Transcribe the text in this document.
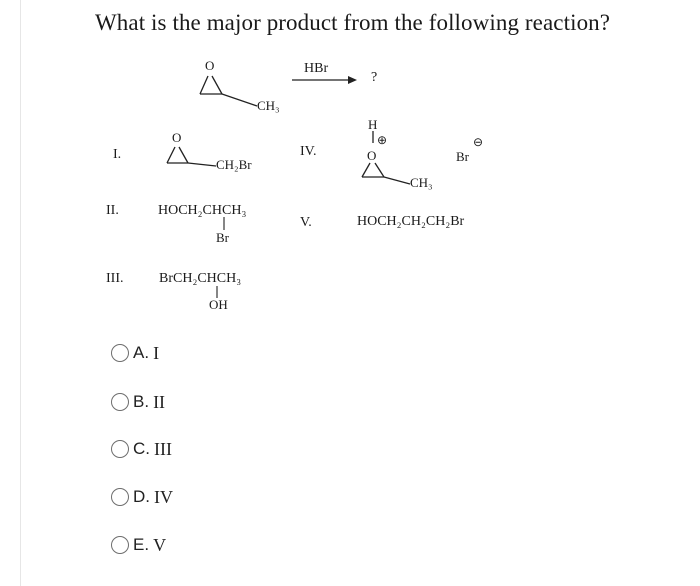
What is the major product from the following reaction?
O
CH₃
HBr
?
I.
O
CH₂Br
II.	HOCH₂CHCH₃
Br
III.	BrCH₂CHCH₃
OH
IV.
H
O
⊕
CH₃
Br
⊖
V.	HOCH₂CH₂CH₂Br
A. I
B. II
C. III
D. IV
E. V
